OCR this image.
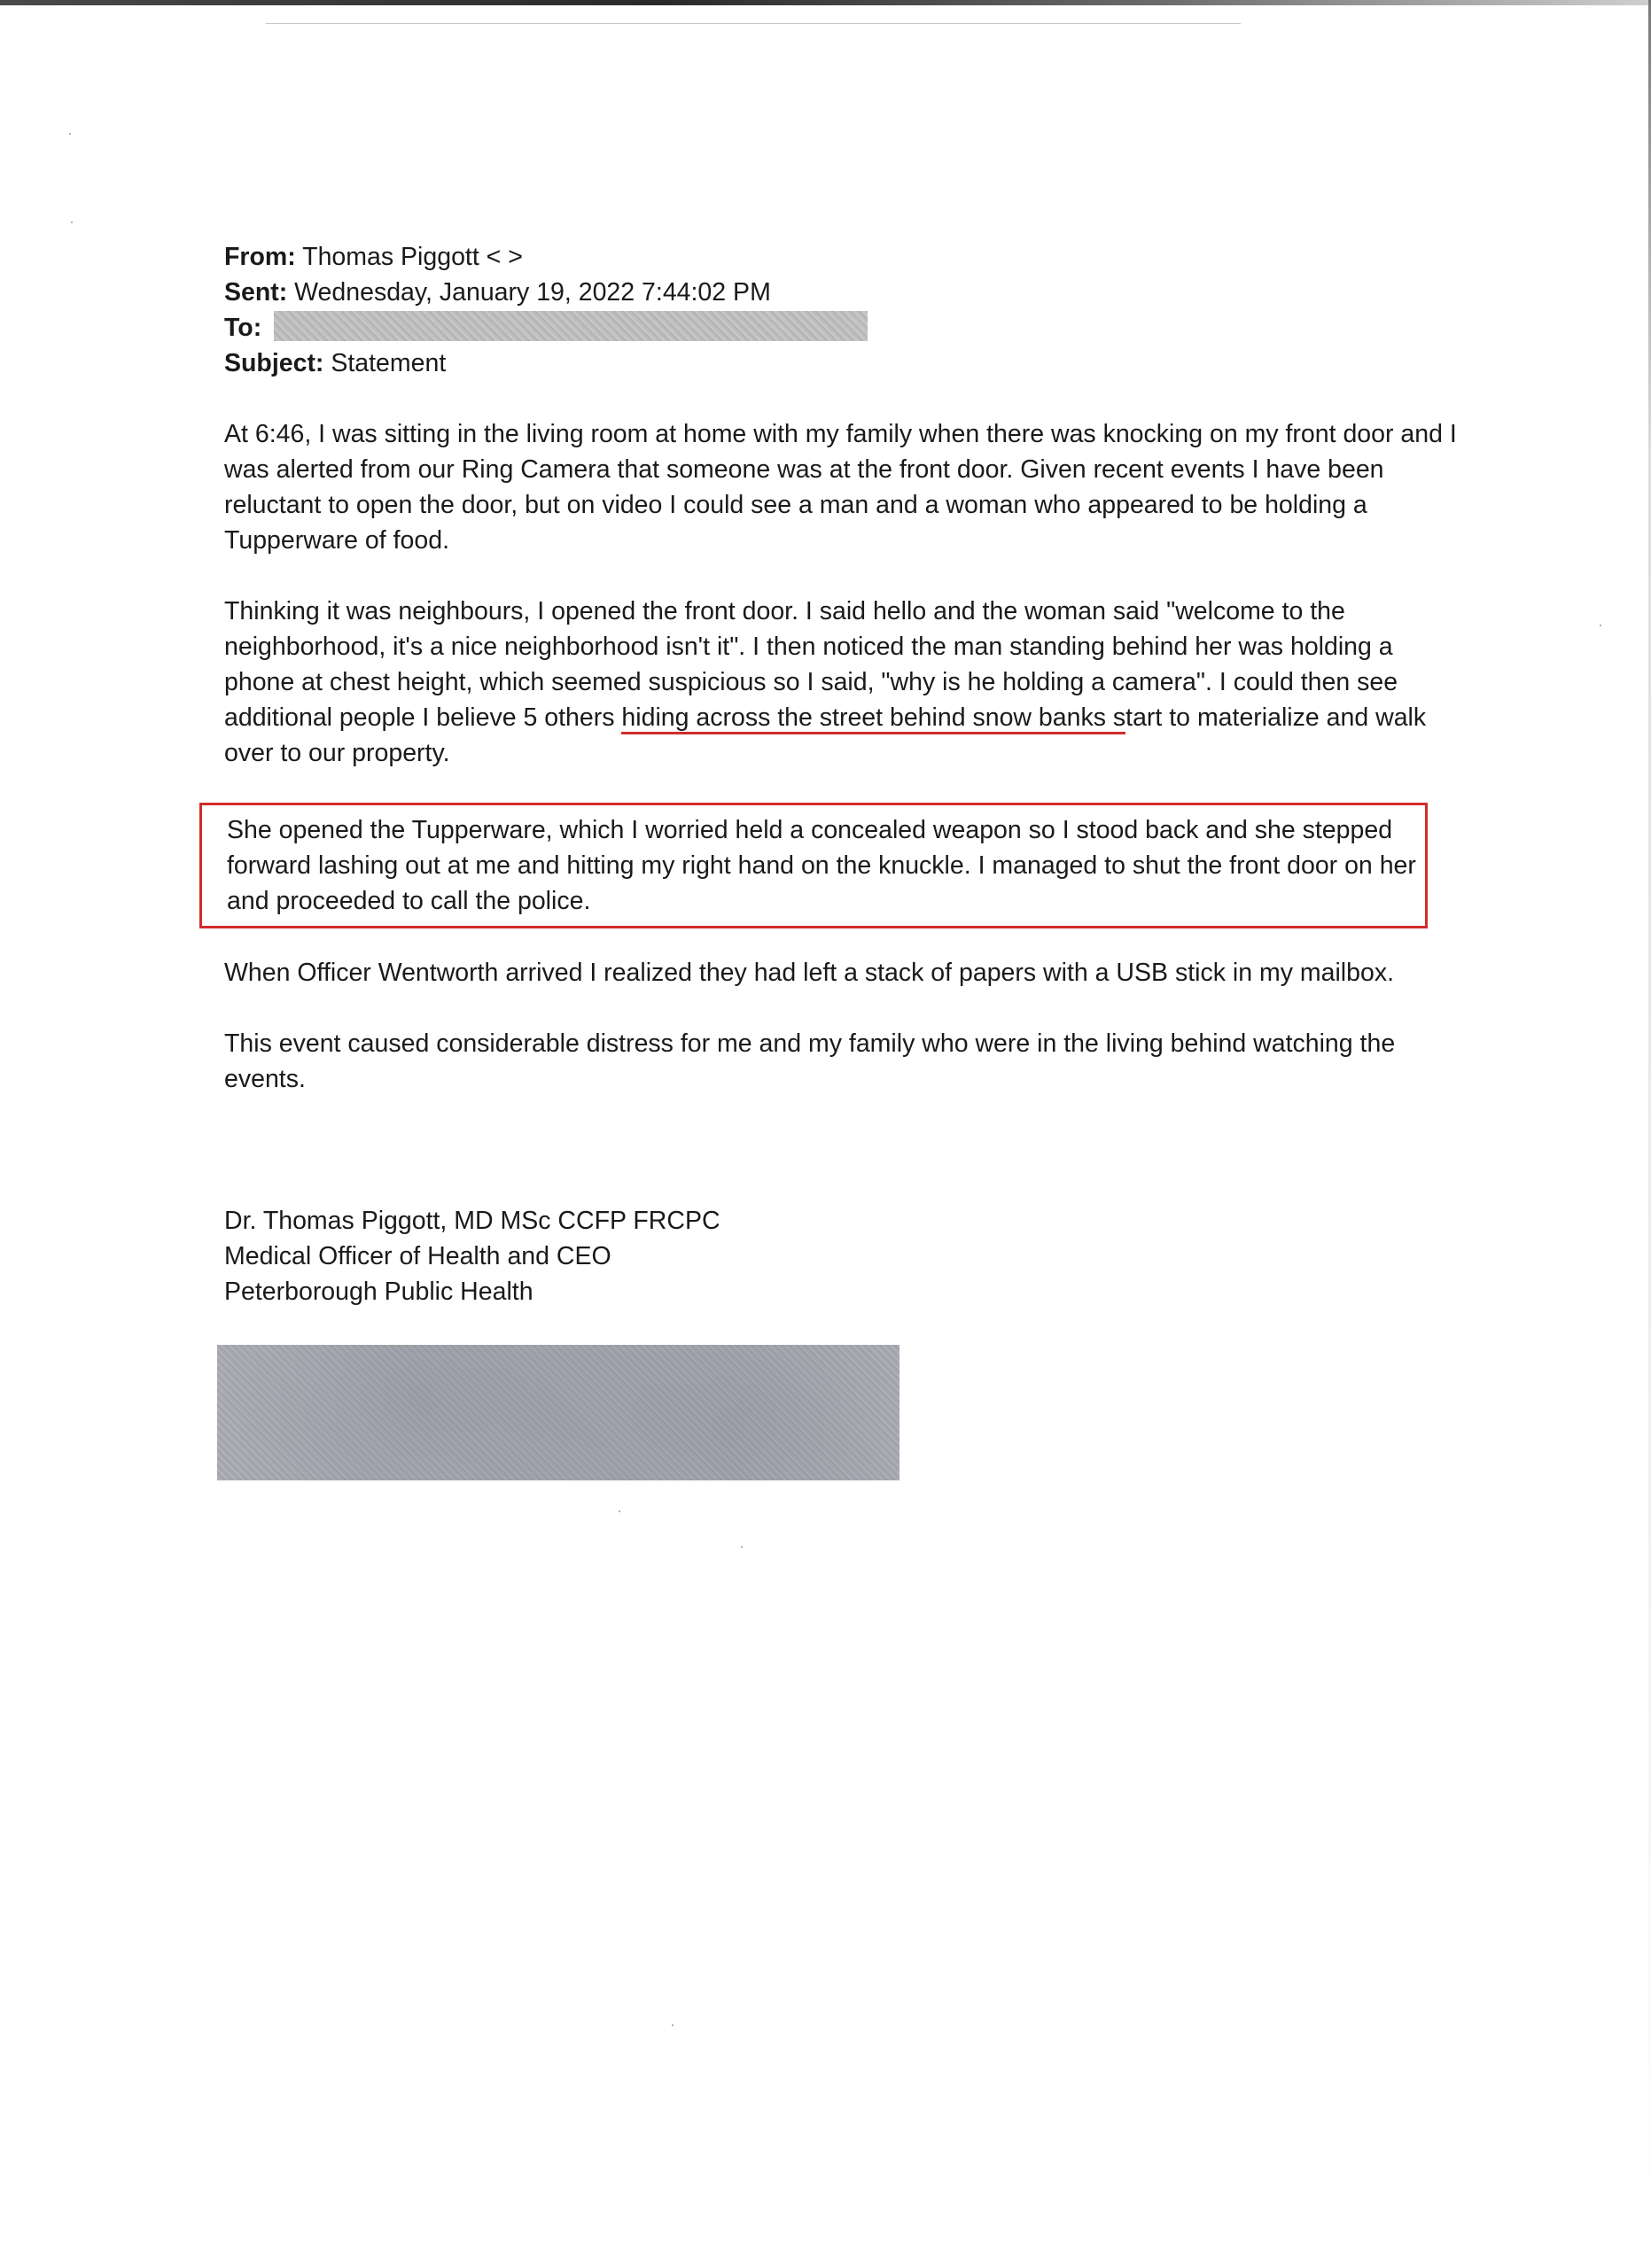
From: Thomas Piggott < >
Sent: Wednesday, January 19, 2022 7:44:02 PM
To:
Subject: Statement

At 6:46, I was sitting in the living room at home with my family when there was knocking on my front door and I was alerted from our Ring Camera that someone was at the front door. Given recent events I have been reluctant to open the door, but on video I could see a man and a woman who appeared to be holding a Tupperware of food.

Thinking it was neighbours, I opened the front door. I said hello and the woman said "welcome to the neighborhood, it's a nice neighborhood isn't it". I then noticed the man standing behind her was holding a phone at chest height, which seemed suspicious so I said, "why is he holding a camera". I could then see additional people I believe 5 others hiding across the street behind snow banks start to materialize and walk over to our property.

She opened the Tupperware, which I worried held a concealed weapon so I stood back and she stepped forward lashing out at me and hitting my right hand on the knuckle. I managed to shut the front door on her and proceeded to call the police.

When Officer Wentworth arrived I realized they had left a stack of papers with a USB stick in my mailbox.

This event caused considerable distress for me and my family who were in the living behind watching the events.

Dr. Thomas Piggott, MD MSc CCFP FRCPC
Medical Officer of Health and CEO
Peterborough Public Health
